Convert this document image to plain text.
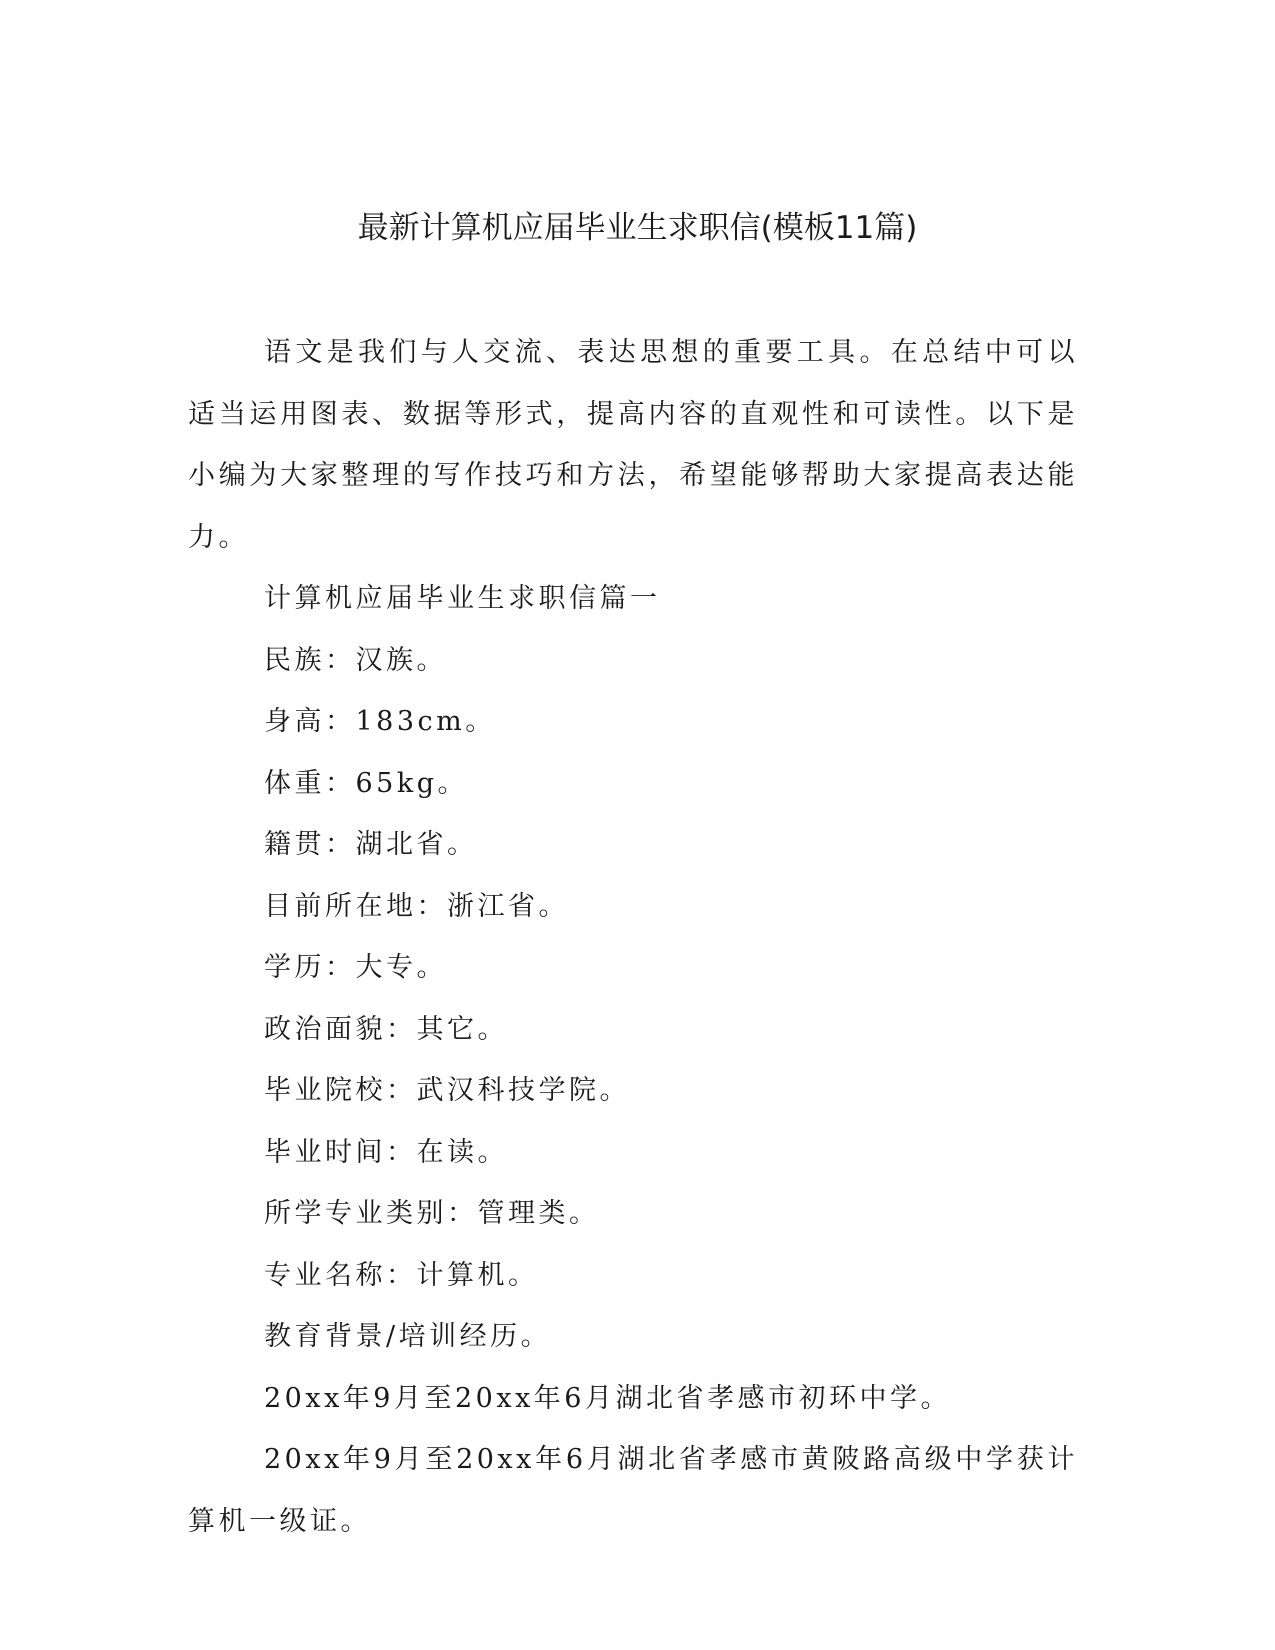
最新计算机应届毕业生求职信(模板11篇)

语文是我们与人交流、表达思想的重要工具。在总结中可以适当运用图表、数据等形式，提高内容的直观性和可读性。以下是小编为大家整理的写作技巧和方法，希望能够帮助大家提高表达能力。

计算机应届毕业生求职信篇一

民族：汉族。

身高：183cm。

体重：65kg。

籍贯：湖北省。

目前所在地：浙江省。

学历：大专。

政治面貌：其它。

毕业院校：武汉科技学院。

毕业时间：在读。

所学专业类别：管理类。

专业名称：计算机。

教育背景/培训经历。

20xx年9月至20xx年6月湖北省孝感市初环中学。

20xx年9月至20xx年6月湖北省孝感市黄陂路高级中学获计算机一级证。
